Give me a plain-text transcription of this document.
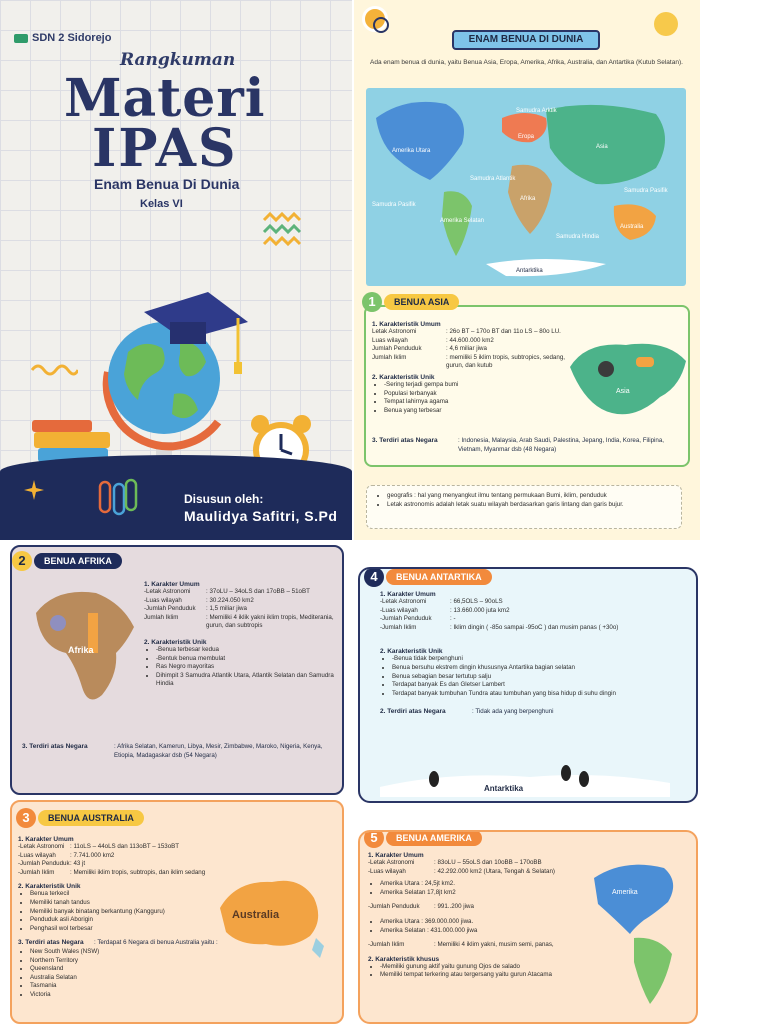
SDN 2 Sidorejo
Rangkuman
Materi
IPAS
Enam Benua Di Dunia
Kelas VI
Disusun oleh:
Maulidya Safitri, S.Pd
ENAM BENUA DI DUNIA
Ada enam benua di dunia, yaitu Benua Asia, Eropa, Amerika, Afrika, Australia, dan Antartika (Kutub Selatan).
Samudra Arktik
Amerika Utara
Eropa
Asia
Samudra Atlantik
Afrika
Samudra Pasifik
Amerika Selatan
Samudra Pasifik
Samudra Hindia
Australia
Antarktika
1. Karakteristik Umum
Letak Astronomi	: 26o BT – 170o BT dan 11o LS – 80o LU.
Luas wilayah	: 44.600.000 km2
Jumlah Penduduk	: 4,6 miliar jiwa
Jumlah Iklim	: memiliki 5 iklim tropis, subtropics, sedang, gurun, dan kutub
2. Karakteristik Unik
• -Sering terjadi gempa bumi
• Populasi terbanyak
• Tempat lahirnya agama
• Benua yang terbesar
3. Terdiri atas Negara	: Indonesia, Malaysia, Arab Saudi, Palestina, Jepang, India, Korea, Filipina, Vietnam, Myanmar dsb (48 Negara)
Asia
1	BENUA ASIA
• geografis : hal yang menyangkut ilmu tentang permukaan Bumi, iklim, penduduk
• Letak astronomis adalah letak suatu wilayah berdasarkan garis lintang dan garis bujur.
2	BENUA AFRIKA
Afrika
1. Karakter Umum
-Letak Astronomi	: 37oLU – 34oLS dan 17oBB – 51oBT
-Luas wilayah	: 30.224.050 km2
-Jumlah Penduduk	: 1,5 miliar jiwa
Jumlah Iklim	: Memiliki 4 iklik yakni iklim tropis, Mediterania, gurun, dan subtropis
2. Karakteristik Unik
• -Benua terbesar kedua
• -Bentuk benua membulat
• Ras Negro mayoritas
• Dihimpit 3 Samudra Atlantik Utara, Atlantik Selatan dan Samudra Hindia
3. Terdiri atas Negara	: Afrika Selatan, Kamerun, Libya, Mesir, Zimbabwe, Maroko, Nigeria, Kenya, Etiopia, Madagaskar dsb (54 Negara)
3	BENUA AUSTRALIA
1. Karakter Umum
-Letak Astronomi : 11oLS – 44oLS dan 113oBT – 153oBT
-Luas wilayah	: 7.741.000 km2
-Jumlah Penduduk : 43 jt
-Jumlah Iklim	: Memiliki iklim tropis, subtropis, dan iklim sedang
2. Karakteristik Unik
• Benua terkecil
• Memiliki tanah tandus
• Memiliki banyak binatang berkantung (Kangguru)
• Penduduk asli Aborigin
• Penghasil wol terbesar
3. Terdiri atas Negara	: Terdapat 6 Negara di benua Australia yaitu :
• New South Wales (NSW)
• Northern Territory
• Queensland
• Australia Selatan
• Tasmania
• Victoria
Australia
4	BENUA ANTARTIKA
1. Karakter Umum
-Letak Astronomi	: 66,5OLS – 90oLS
-Luas wilayah	: 13.660.000 juta km2
-Jumlah Penduduk	: -
-Jumlah Iklim	: Iklim dingin ( -85o sampai -95oC ) dan musim panas ( +30o)
2. Karakteristik Unik
• -Benua tidak berpenghuni
• Benua bersuhu ekstrem dingin khususnya Antartika bagian selatan
• Benua sebagian besar tertutup salju
• Terdapat banyak Es dan Gletser Lambert
• Terdapat banyak tumbuhan Tundra atau tumbuhan yang bisa hidup di suhu dingin
2. Terdiri atas Negara	: Tidak ada yang berpenghuni
Antarktika
5	BENUA AMERIKA
1. Karakter Umum
-Letak Astronomi	: 83oLU – 55oLS dan 10oBB – 170oBB
-Luas wilayah	: 42.292.000 km2 (Utara, Tengah & Selatan)
• Amerika Utara : 24,5jt km2.
• Amerika Selatan 17,8jt km2
-Jumlah Penduduk	: 991..200 jiwa
• Amerika Utara : 369.000.000 jiwa.
• Amerika Selatan : 431.000.000 jiwa
-Jumlah Iklim	: Memiliki 4 iklim yakni, musim semi, panas,
2. Karakteristik khusus
• -Memiliki gunung aktif yaitu gunung Ojos de salado
• Memiliki tempat terkering atau tergersang yaitu gurun Atacama
Amerika
